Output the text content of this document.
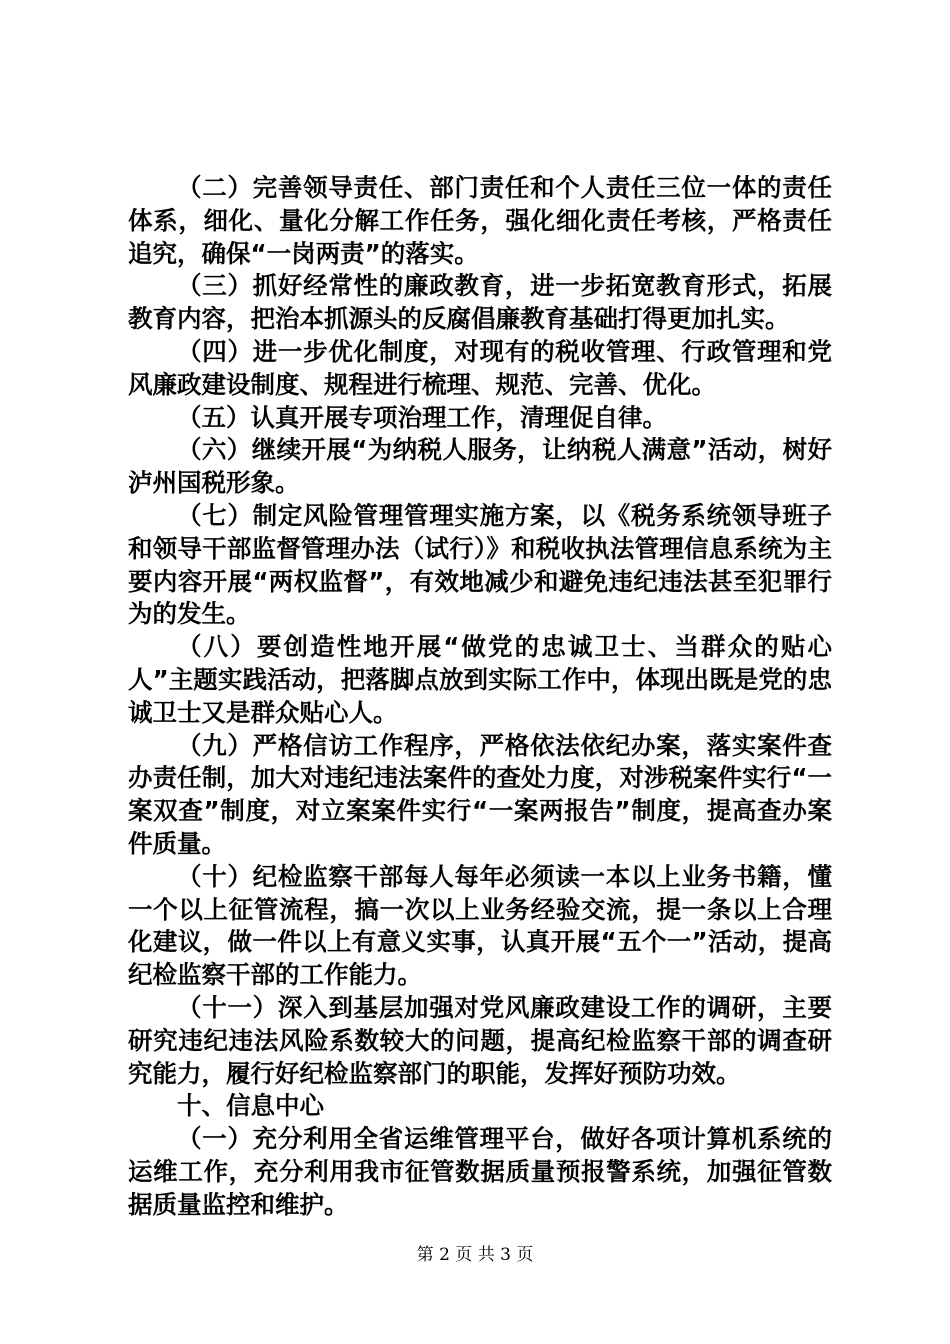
（二）完善领导责任、部门责任和个人责任三位一体的责任体系，细化、量化分解工作任务，强化细化责任考核，严格责任追究，确保“一岗两责”的落实。

（三）抓好经常性的廉政教育，进一步拓宽教育形式，拓展教育内容，把治本抓源头的反腐倡廉教育基础打得更加扎实。

（四）进一步优化制度，对现有的税收管理、行政管理和党风廉政建设制度、规程进行梳理、规范、完善、优化。

（五）认真开展专项治理工作，清理促自律。

（六）继续开展“为纳税人服务，让纳税人满意”活动，树好泸州国税形象。

（七）制定风险管理管理实施方案，以《税务系统领导班子和领导干部监督管理办法（试行）》和税收执法管理信息系统为主要内容开展“两权监督”，有效地减少和避免违纪违法甚至犯罪行为的发生。

（八）要创造性地开展“做党的忠诚卫士、当群众的贴心人”主题实践活动，把落脚点放到实际工作中，体现出既是党的忠诚卫士又是群众贴心人。

（九）严格信访工作程序，严格依法依纪办案，落实案件查办责任制，加大对违纪违法案件的查处力度，对涉税案件实行“一案双查”制度，对立案案件实行“一案两报告”制度，提高查办案件质量。

（十）纪检监察干部每人每年必须读一本以上业务书籍，懂一个以上征管流程，搞一次以上业务经验交流，提一条以上合理化建议，做一件以上有意义实事，认真开展“五个一”活动，提高纪检监察干部的工作能力。

（十一）深入到基层加强对党风廉政建设工作的调研，主要研究违纪违法风险系数较大的问题，提高纪检监察干部的调查研究能力，履行好纪检监察部门的职能，发挥好预防功效。

十、信息中心

（一）充分利用全省运维管理平台，做好各项计算机系统的运维工作，充分利用我市征管数据质量预报警系统，加强征管数据质量监控和维护。

第 2 页 共 3 页
